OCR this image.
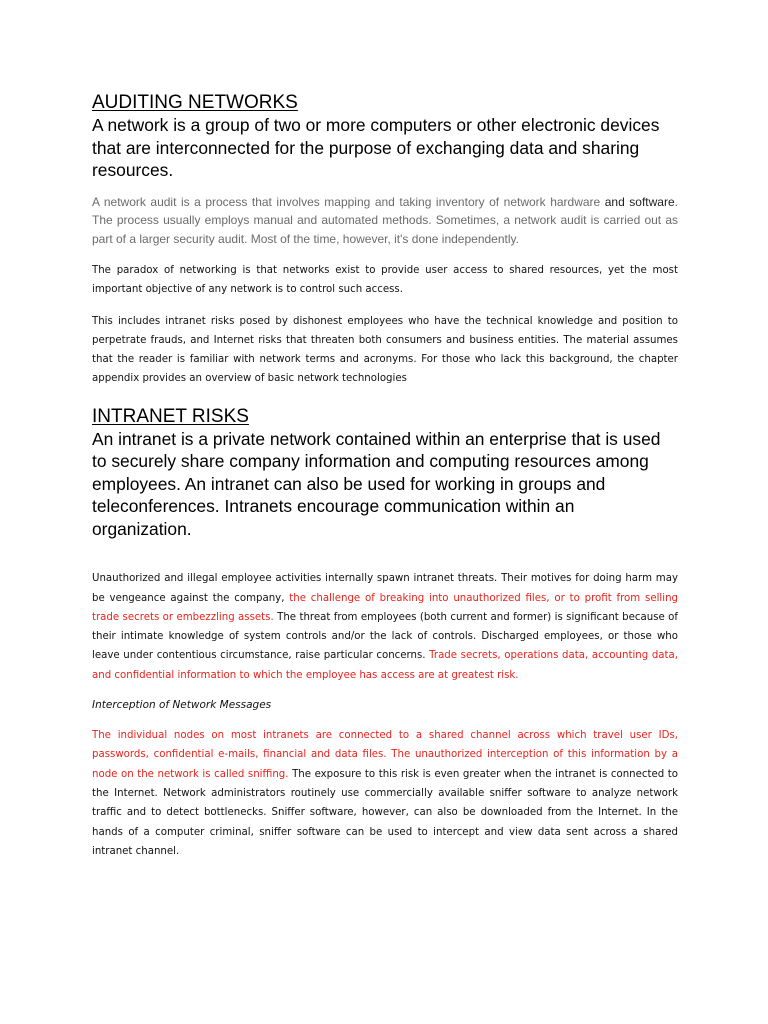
AUDITING NETWORKS

A network is a group of two or more computers or other electronic devices that are interconnected for the purpose of exchanging data and sharing resources.

A network audit is a process that involves mapping and taking inventory of network hardware and software. The process usually employs manual and automated methods. Sometimes, a network audit is carried out as part of a larger security audit. Most of the time, however, it's done independently.

The paradox of networking is that networks exist to provide user access to shared resources, yet the most important objective of any network is to control such access.

This includes intranet risks posed by dishonest employees who have the technical knowledge and position to perpetrate frauds, and Internet risks that threaten both consumers and business entities. The material assumes that the reader is familiar with network terms and acronyms. For those who lack this background, the chapter appendix provides an overview of basic network technologies

INTRANET RISKS

An intranet is a private network contained within an enterprise that is used to securely share company information and computing resources among employees. An intranet can also be used for working in groups and teleconferences. Intranets encourage communication within an organization.

Unauthorized and illegal employee activities internally spawn intranet threats. Their motives for doing harm may be vengeance against the company, the challenge of breaking into unauthorized files, or to profit from selling trade secrets or embezzling assets. The threat from employees (both current and former) is significant because of their intimate knowledge of system controls and/or the lack of controls. Discharged employees, or those who leave under contentious circumstance, raise particular concerns. Trade secrets, operations data, accounting data, and confidential information to which the employee has access are at greatest risk.

Interception of Network Messages

The individual nodes on most intranets are connected to a shared channel across which travel user IDs, passwords, confidential e-mails, financial and data files. The unauthorized interception of this information by a node on the network is called sniffing. The exposure to this risk is even greater when the intranet is connected to the Internet. Network administrators routinely use commercially available sniffer software to analyze network traffic and to detect bottlenecks. Sniffer software, however, can also be downloaded from the Internet. In the hands of a computer criminal, sniffer software can be used to intercept and view data sent across a shared intranet channel.
